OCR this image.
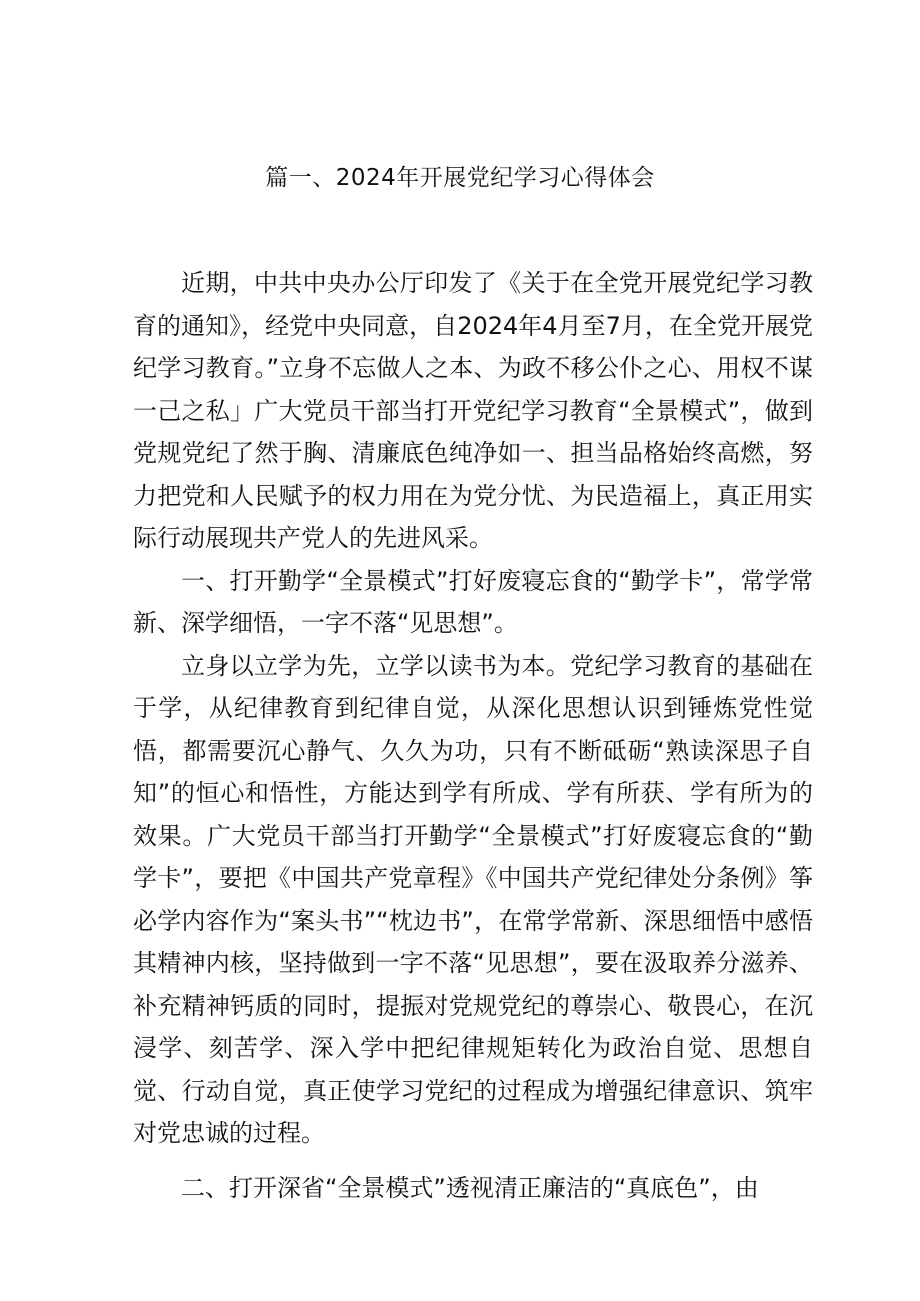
篇一、2024年开展党纪学习心得体会

近期，中共中央办公厅印发了《关于在全党开展党纪学习教育的通知》，经党中央同意，自2024年4月至7月，在全党开展党纪学习教育。”立身不忘做人之本、为政不移公仆之心、用权不谋一己之私」广大党员干部当打开党纪学习教育“全景模式”，做到党规党纪了然于胸、清廉底色纯净如一、担当品格始终高燃，努力把党和人民赋予的权力用在为党分忧、为民造福上，真正用实际行动展现共产党人的先进风采。

一、打开勤学“全景模式”打好废寝忘食的“勤学卡”，常学常新、深学细悟，一字不落“见思想”。

立身以立学为先，立学以读书为本。党纪学习教育的基础在于学，从纪律教育到纪律自觉，从深化思想认识到锤炼党性觉悟，都需要沉心静气、久久为功，只有不断砥砺“熟读深思子自知”的恒心和悟性，方能达到学有所成、学有所获、学有所为的效果。广大党员干部当打开勤学“全景模式”打好废寝忘食的“勤学卡”，要把《中国共产党章程》《中国共产党纪律处分条例》筝必学内容作为“案头书”“枕边书”，在常学常新、深思细悟中感悟其精神内核，坚持做到一字不落“见思想”，要在汲取养分滋养、补充精神钙质的同时，提振对党规党纪的尊崇心、敬畏心，在沉浸学、刻苦学、深入学中把纪律规矩转化为政治自觉、思想自觉、行动自觉，真正使学习党纪的过程成为增强纪律意识、筑牢对党忠诚的过程。

二、打开深省“全景模式”透视清正廉洁的“真底色”，由
